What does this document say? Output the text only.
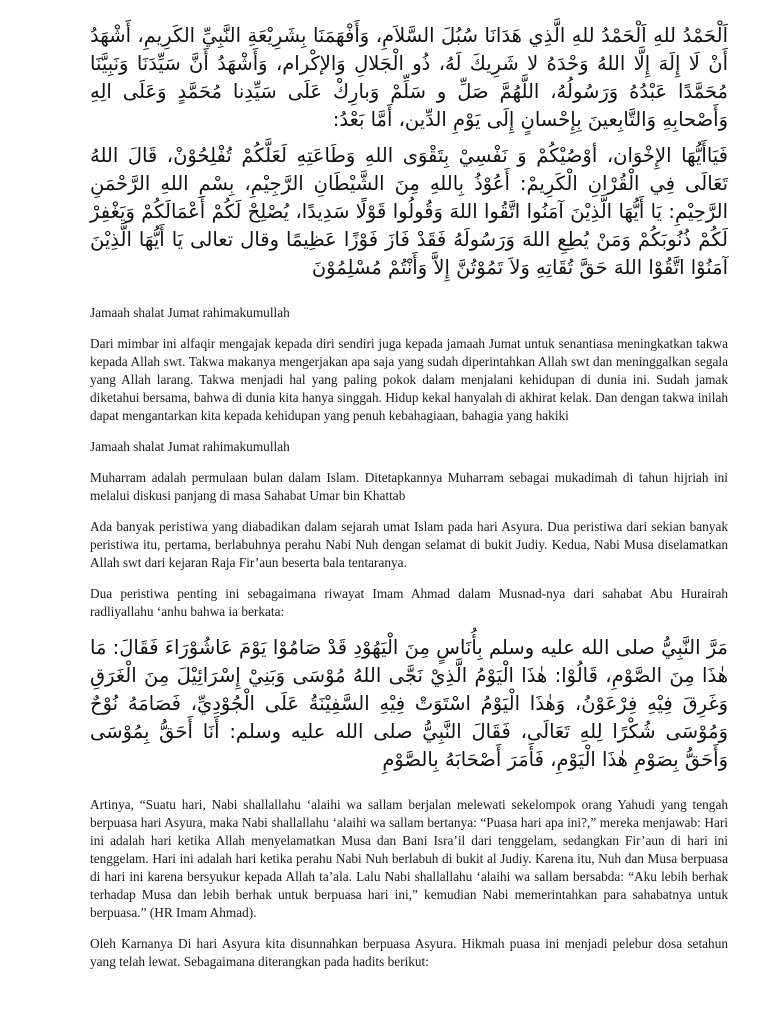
اَلْحَمْدُ للهِ اَلْحَمْدُ للهِ الَّذِي هَدَانَا سُبُلَ السَّلاَمِ، وَأَفْهَمَنَا بِشَرِيْعَةِ النَّبِيِّ الكَرِيمِ، أَشْهَدُ أَنْ لَا إِلَهَ إِلَّا اللهُ وَحْدَهُ لا شَرِيكَ لَهُ، ذُو الْجَلالِ وَالإكْرام، وَأَشْهَدُ أَنَّ سَيِّدَنَا وَنَبِيَّنَا مُحَمَّدًا عَبْدُهُ وَرَسُولُهُ، اللَّهُمَّ صَلِّ و سَلِّمْ وَبارِكْ عَلَى سَيِّدِنا مُحَمَّدٍ وَعَلَى الِهِ وَأَصْحابِهِ وَالتَّابِعينَ بِإِحْسانٍ إِلَى يَوْمِ الدِّين، أَمَّا بَعْدُ:

فَيَاأَيُّهَا الإِخْوَان، أوْصُيْكُمْ وَ نَفْسِيْ بِتَقْوَى اللهِ وَطَاعَتِهِ لَعَلَّكُمْ تُفْلِحُوْنْ، قَالَ اللهُ تَعَالَى فِي الْقُرْانِ الْكَرِيمْ: أَعُوْذُ بِاللهِ مِنَ الشَّيْطَانِ الرَّجِيْمِ، بِسْمِ اللهِ الرَّحْمَنِ الرَّحِيْمِ: يَا أَيُّهَا الَّذِيْنَ آمَنُوا اتَّقُوا اللهَ وَقُولُوا قَوْلًا سَدِيدًا، يُصْلِحْ لَكُمْ أَعْمَالَكُمْ وَيَغْفِرْ لَكُمْ ذُنُوبَكُمْ وَمَنْ يُطِعِ اللهَ وَرَسُولَهُ فَقَدْ فَازَ فَوْزًا عَظِيمًا وقال تعالى يَا أَيُّهَا الَّذِيْنَ آمَنُوْا اتَّقُوْا اللهَ حَقَّ تُقَاتِهِ وَلاَ تَمُوْتُنَّ إِلاَّ وَأَنْتُمْ مُسْلِمُوْنَ

Jamaah shalat Jumat rahimakumullah

Dari mimbar ini alfaqir mengajak kepada diri sendiri juga kepada jamaah Jumat untuk senantiasa meningkatkan takwa kepada Allah swt. Takwa makanya mengerjakan apa saja yang sudah diperintahkan Allah swt dan meninggalkan segala yang Allah larang. Takwa menjadi hal yang paling pokok dalam menjalani kehidupan di dunia ini. Sudah jamak diketahui bersama, bahwa di dunia kita hanya singgah. Hidup kekal hanyalah di akhirat kelak. Dan dengan takwa inilah dapat mengantarkan kita kepada kehidupan yang penuh kebahagiaan, bahagia yang hakiki

Jamaah shalat Jumat rahimakumullah

Muharram adalah permulaan bulan dalam Islam. Ditetapkannya Muharram sebagai mukadimah di tahun hijriah ini melalui diskusi panjang di masa Sahabat Umar bin Khattab

Ada banyak peristiwa yang diabadikan dalam sejarah umat Islam pada hari Asyura. Dua peristiwa dari sekian banyak peristiwa itu, pertama, berlabuhnya perahu Nabi Nuh dengan selamat di bukit Judiy. Kedua, Nabi Musa diselamatkan Allah swt dari kejaran Raja Fir’aun beserta bala tentaranya.

Dua peristiwa penting ini sebagaimana riwayat Imam Ahmad dalam Musnad-nya dari sahabat Abu Hurairah radliyallahu ‘anhu bahwa ia berkata:

مَرَّ النَّبِيُّ صلى الله عليه وسلم بِأُنَاسٍ مِنَ الْيَهُوْدِ قَدْ صَامُوْا يَوْمَ عَاشُوْرَاءَ فَقَالَ: مَا هٰذَا مِنَ الصَّوْمِ، قَالُوْا: هٰذَا الْيَوْمُ الَّذِيْ نَجَّى اللهُ مُوْسَى وَبَنِيْ إِسْرَائِيْلَ مِنَ الْغَرَقِ وَغَرِقَ فِيْهِ فِرْعَوْنُ، وَهٰذَا الْيَوْمُ اسْتَوَتْ فِيْهِ السَّفِيْنَةُ عَلَى الْجُوْدِيِّ، فَصَامَهُ نُوْحٌ وَمُوْسَى شُكْرًا لِلهِ تَعَالَى، فَقَالَ النَّبِيُّ صلى الله عليه وسلم: أَنَا أَحَقُّ بِمُوْسَى وَأَحَقُّ بِصَوْمِ هٰذَا الْيَوْمِ، فَأَمَرَ أَصْحَابَهُ بِالصَّوْمِ

Artinya, “Suatu hari, Nabi shallallahu ‘alaihi wa sallam berjalan melewati sekelompok orang Yahudi yang tengah berpuasa hari Asyura, maka Nabi shallallahu ‘alaihi wa sallam bertanya: “Puasa hari apa ini?,” mereka menjawab: Hari ini adalah hari ketika Allah menyelamatkan Musa dan Bani Isra’il dari tenggelam, sedangkan Fir’aun di hari ini tenggelam. Hari ini adalah hari ketika perahu Nabi Nuh berlabuh di bukit al Judiy. Karena itu, Nuh dan Musa berpuasa di hari ini karena bersyukur kepada Allah ta’ala. Lalu Nabi shallallahu ‘alaihi wa sallam bersabda: “Aku lebih berhak terhadap Musa dan lebih berhak untuk berpuasa hari ini,” kemudian Nabi memerintahkan para sahabatnya untuk berpuasa.” (HR Imam Ahmad).

Oleh Karnanya Di hari Asyura kita disunnahkan berpuasa Asyura. Hikmah puasa ini menjadi pelebur dosa setahun yang telah lewat. Sebagaimana diterangkan pada hadits berikut:
